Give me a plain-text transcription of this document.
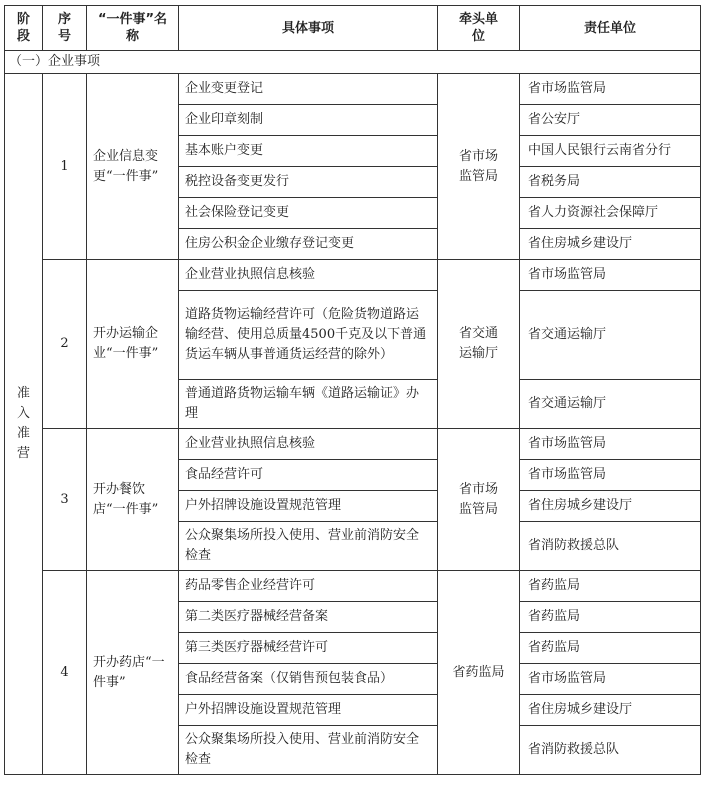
阶段	序号	“一件事”名称	具体事项	牵头单位	责任单位
（一）企业事项					
准入准营	1	企业信息变更“一件事”	企业变更登记	省市场监管局	省市场监管局
			企业印章刻制		省公安厅
			基本账户变更		中国人民银行云南省分行
			税控设备变更发行		省税务局
			社会保险登记变更		省人力资源社会保障厅
			住房公积金企业缴存登记变更		省住房城乡建设厅
	2	开办运输企业“一件事”	企业营业执照信息核验	省交通运输厅	省市场监管局
			道路货物运输经营许可（危险货物道路运输经营、使用总质量4500千克及以下普通货运车辆从事普通货运经营的除外）		省交通运输厅
			普通道路货物运输车辆《道路运输证》办理		省交通运输厅
	3	开办餐饮店“一件事”	企业营业执照信息核验	省市场监管局	省市场监管局
			食品经营许可		省市场监管局
			户外招牌设施设置规范管理		省住房城乡建设厅
			公众聚集场所投入使用、营业前消防安全检查		省消防救援总队
	4	开办药店“一件事”	药品零售企业经营许可	省药监局	省药监局
			第二类医疗器械经营备案		省药监局
			第三类医疗器械经营许可		省药监局
			食品经营备案（仅销售预包装食品）		省市场监管局
			户外招牌设施设置规范管理		省住房城乡建设厅
			公众聚集场所投入使用、营业前消防安全检查		省消防救援总队
